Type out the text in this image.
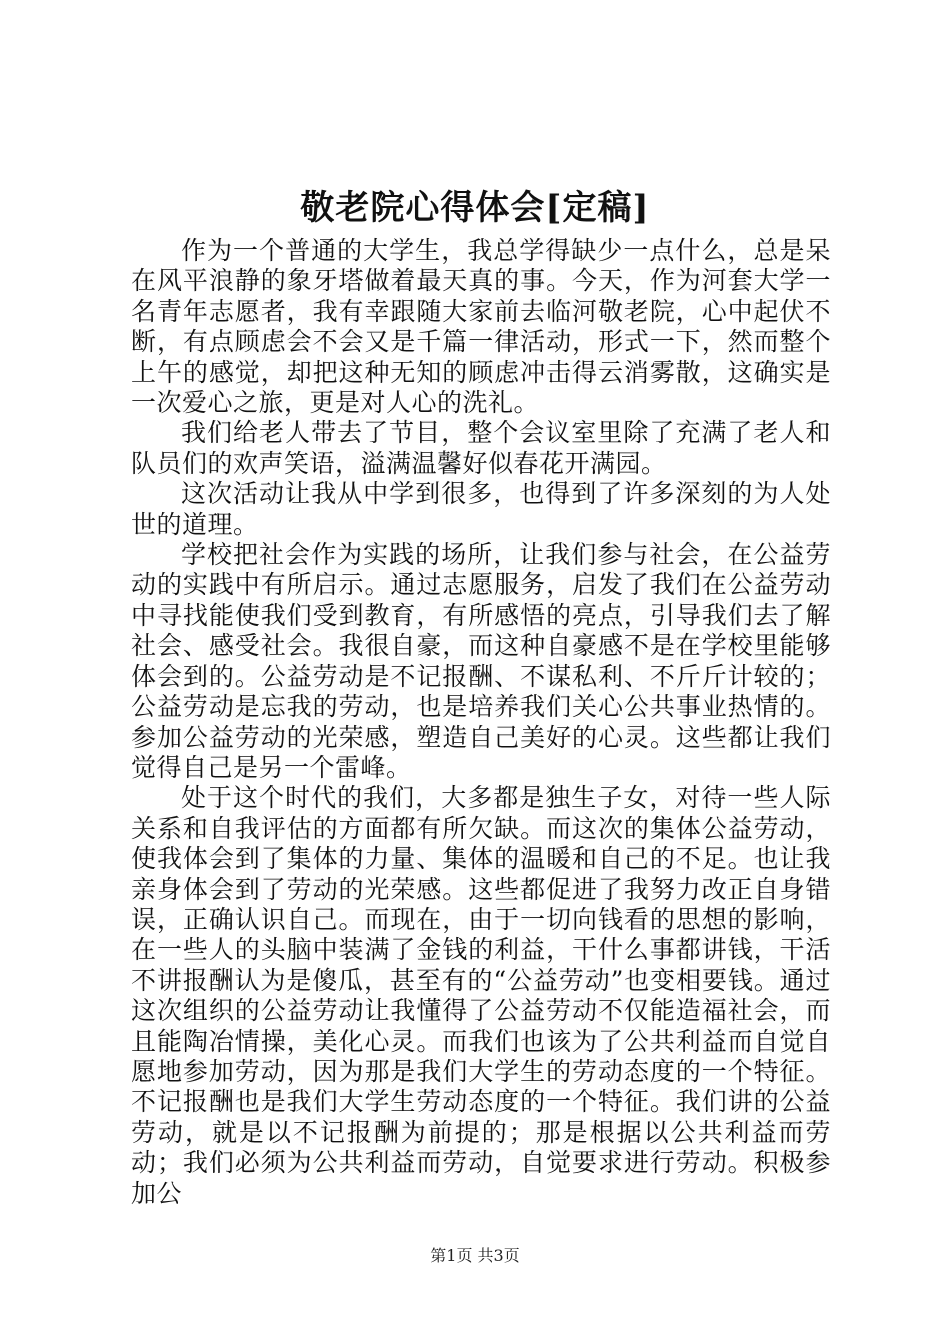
敬老院心得体会[定稿]

作为一个普通的大学生，我总学得缺少一点什么，总是呆在风平浪静的象牙塔做着最天真的事。今天，作为河套大学一名青年志愿者，我有幸跟随大家前去临河敬老院，心中起伏不断，有点顾虑会不会又是千篇一律活动，形式一下，然而整个上午的感觉，却把这种无知的顾虑冲击得云消雾散，这确实是一次爱心之旅，更是对人心的洗礼。

我们给老人带去了节目，整个会议室里除了充满了老人和队员们的欢声笑语，溢满温馨好似春花开满园。

这次活动让我从中学到很多，也得到了许多深刻的为人处世的道理。

学校把社会作为实践的场所，让我们参与社会，在公益劳动的实践中有所启示。通过志愿服务，启发了我们在公益劳动中寻找能使我们受到教育，有所感悟的亮点，引导我们去了解社会、感受社会。我很自豪，而这种自豪感不是在学校里能够体会到的。公益劳动是不记报酬、不谋私利、不斤斤计较的；公益劳动是忘我的劳动，也是培养我们关心公共事业热情的。参加公益劳动的光荣感，塑造自己美好的心灵。这些都让我们觉得自己是另一个雷峰。

处于这个时代的我们，大多都是独生子女，对待一些人际关系和自我评估的方面都有所欠缺。而这次的集体公益劳动，使我体会到了集体的力量、集体的温暖和自己的不足。也让我亲身体会到了劳动的光荣感。这些都促进了我努力改正自身错误，正确认识自己。而现在，由于一切向钱看的思想的影响，在一些人的头脑中装满了金钱的利益，干什么事都讲钱，干活不讲报酬认为是傻瓜，甚至有的“公益劳动”也变相要钱。通过这次组织的公益劳动让我懂得了公益劳动不仅能造福社会，而且能陶冶情操，美化心灵。而我们也该为了公共利益而自觉自愿地参加劳动，因为那是我们大学生的劳动态度的一个特征。不记报酬也是我们大学生劳动态度的一个特征。我们讲的公益劳动，就是以不记报酬为前提的；那是根据以公共利益而劳动；我们必须为公共利益而劳动，自觉要求进行劳动。积极参加公

第1页 共3页
